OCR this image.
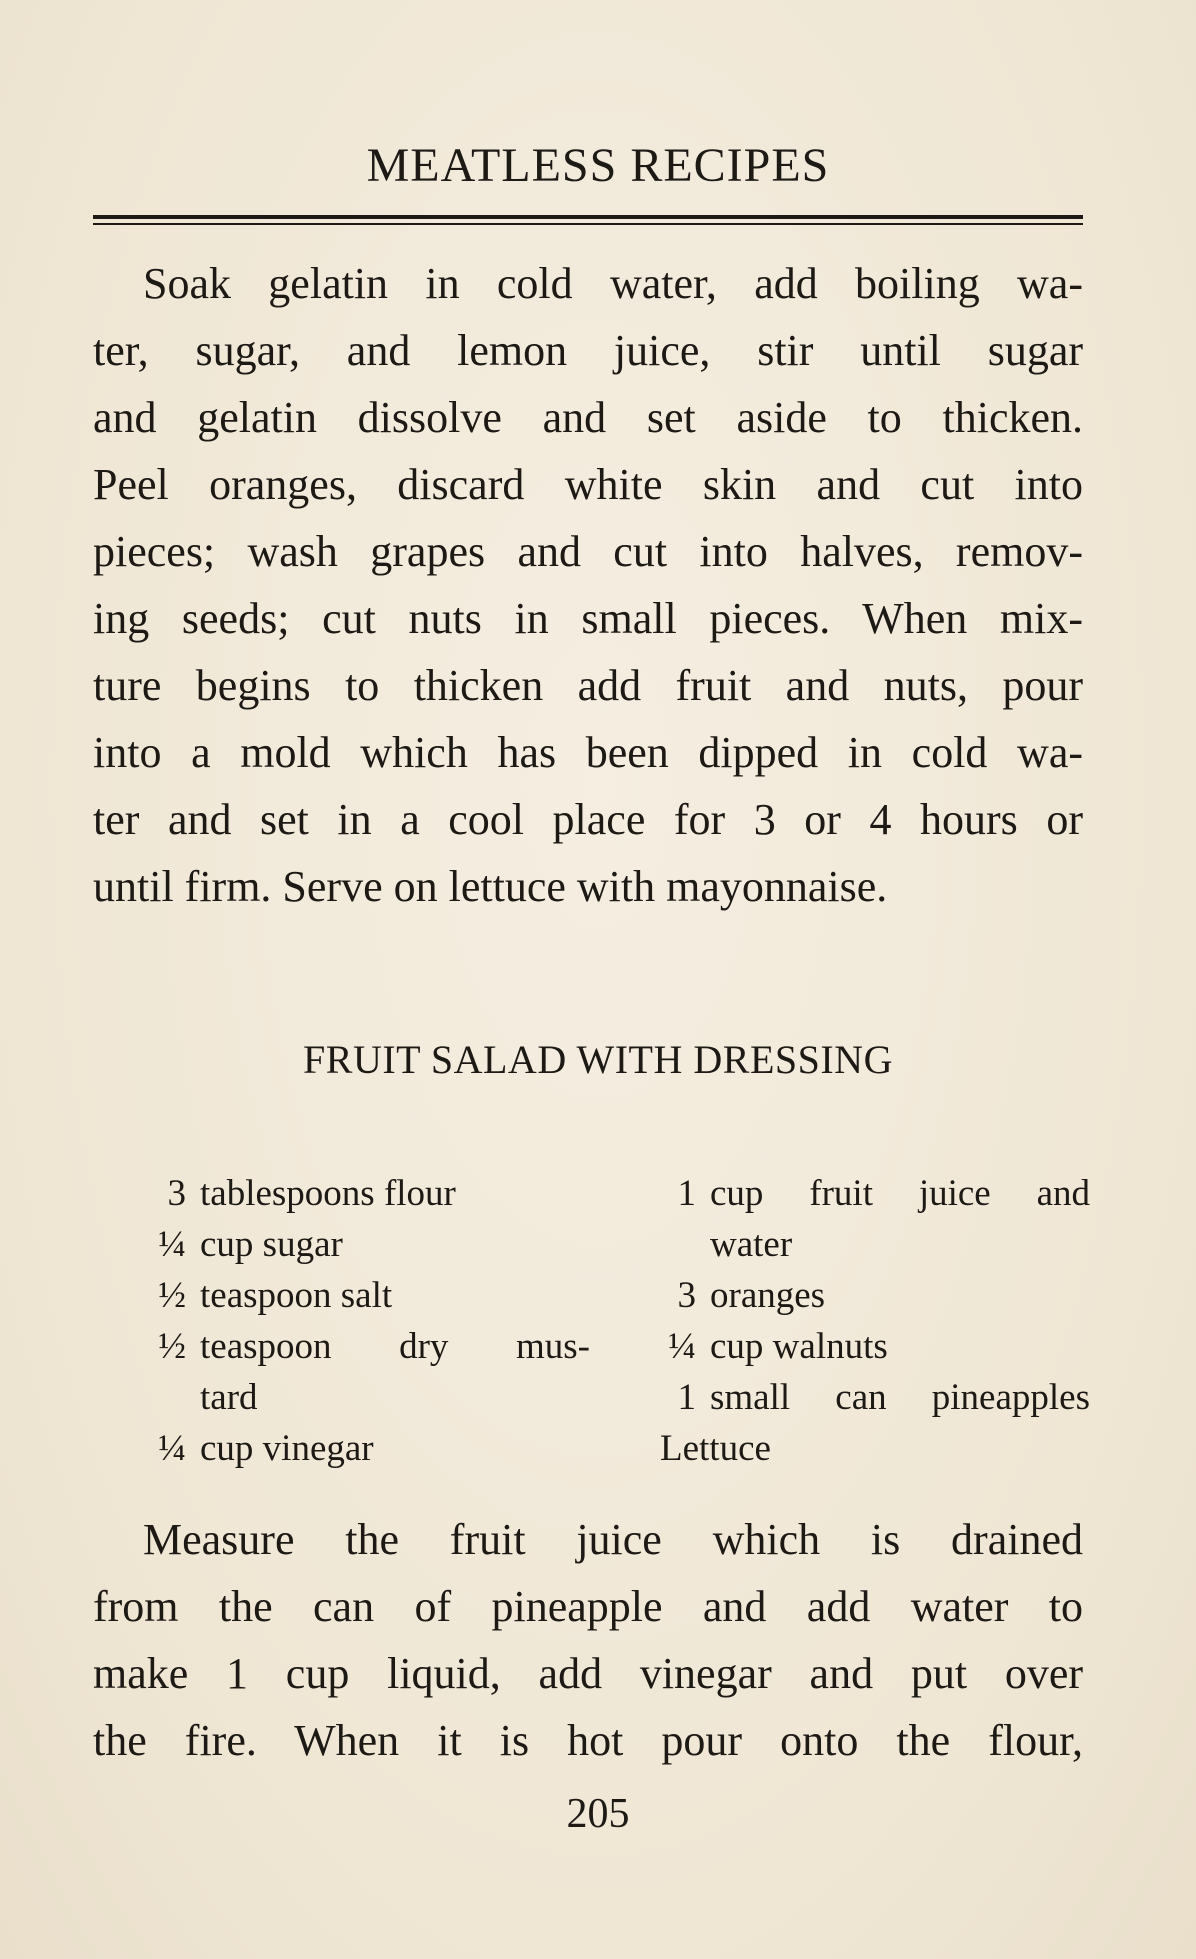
MEATLESS RECIPES
Soak gelatin in cold water, add boiling wa-
ter, sugar, and lemon juice, stir until sugar
and gelatin dissolve and set aside to thicken.
Peel oranges, discard white skin and cut into
pieces; wash grapes and cut into halves, remov-
ing seeds; cut nuts in small pieces. When mix-
ture begins to thicken add fruit and nuts, pour
into a mold which has been dipped in cold wa-
ter and set in a cool place for 3 or 4 hours or
until firm. Serve on lettuce with mayonnaise.
FRUIT SALAD WITH DRESSING
3 tablespoons flour
¼ cup sugar
½ teaspoon salt
½ teaspoon dry mus-
tard
¼ cup vinegar
1 cup fruit juice and
water
3 oranges
¼ cup walnuts
1 small can pineapples
Lettuce
Measure the fruit juice which is drained
from the can of pineapple and add water to
make 1 cup liquid, add vinegar and put over
the fire. When it is hot pour onto the flour,
205
